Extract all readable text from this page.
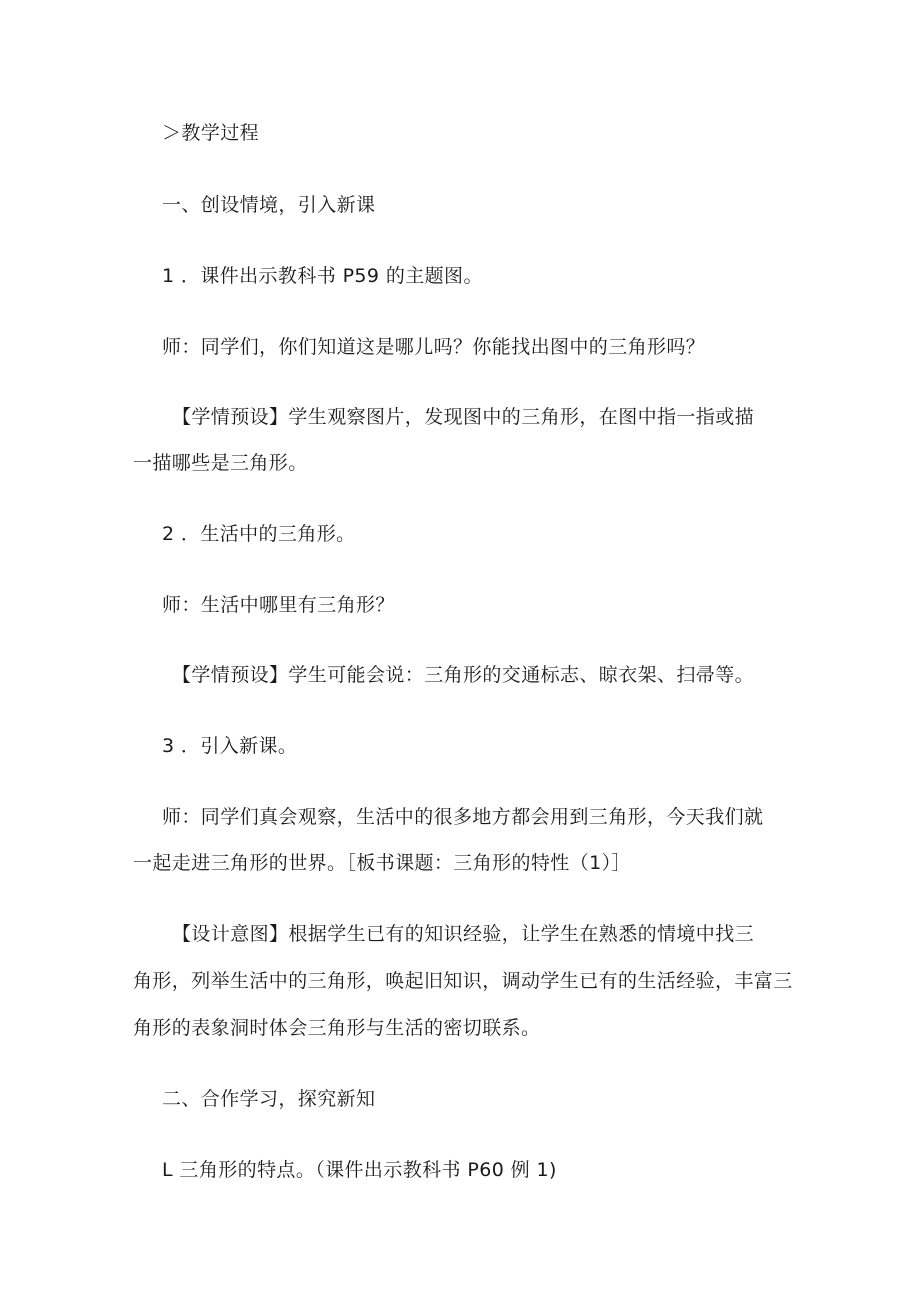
＞教学过程
一、创设情境，引入新课
1 ．课件出示教科书 P59 的主题图。
师：同学们，你们知道这是哪儿吗？你能找出图中的三角形吗？
【学情预设】学生观察图片，发现图中的三角形，在图中指一指或描
一描哪些是三角形。
2 ．生活中的三角形。
师：生活中哪里有三角形？
【学情预设】学生可能会说：三角形的交通标志、晾衣架、扫帚等。
3 ．引入新课。
师：同学们真会观察，生活中的很多地方都会用到三角形，今天我们就
一起走进三角形的世界。［板书课题：三角形的特性（1）］
【设计意图】根据学生已有的知识经验，让学生在熟悉的情境中找三
角形，列举生活中的三角形，唤起旧知识，调动学生已有的生活经验，丰富三
角形的表象洞时体会三角形与生活的密切联系。
二、合作学习，探究新知
L 三角形的特点。（课件出示教科书 P60 例 1)
